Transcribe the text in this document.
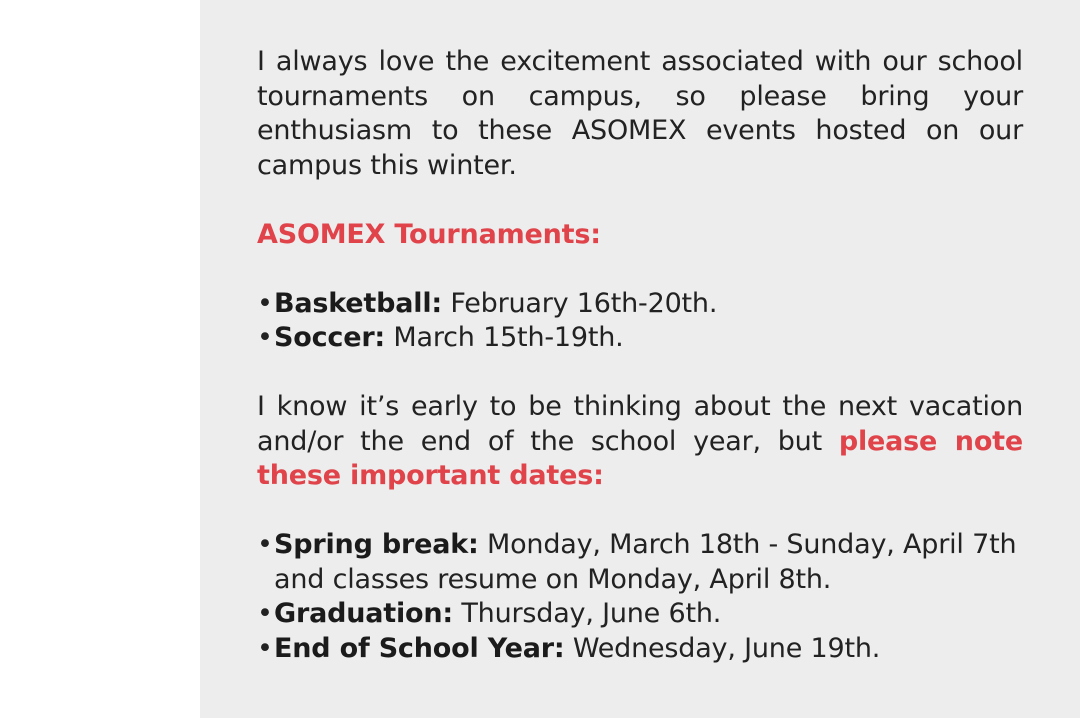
I always love the excitement associated with our school tournaments on campus, so please bring your enthusiasm to these ASOMEX events hosted on our campus this winter.

ASOMEX Tournaments:

• Basketball: February 16th-20th.
• Soccer: March 15th-19th.

I know it’s early to be thinking about the next vacation and/or the end of the school year, but please note these important dates:

• Spring break: Monday, March 18th - Sunday, April 7th and classes resume on Monday, April 8th.
• Graduation: Thursday, June 6th.
• End of School Year: Wednesday, June 19th.
